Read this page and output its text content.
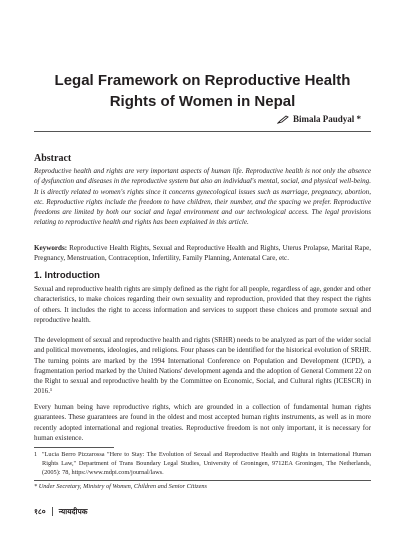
Legal Framework on Reproductive Health Rights of Women in Nepal
Bimala Paudyal *
Abstract
Reproductive health and rights are very important aspects of human life. Reproductive health is not only the absence of dysfunction and diseases in the reproductive system but also an individual's mental, social, and physical well-being. It is directly related to women's rights since it concerns gynecological issues such as marriage, pregnancy, abortion, etc. Reproductive rights include the freedom to have children, their number, and the spacing we prefer. Reproductive freedoms are limited by both our social and legal environment and our technological access. The legal provisions relating to reproductive health and rights has been explained in this article.
Keywords: Reproductive Health Rights, Sexual and Reproductive Health and Rights, Uterus Prolapse, Marital Rape, Pregnancy, Menstruation, Contraception, Infertility, Family Planning, Antenatal Care, etc.
1. Introduction
Sexual and reproductive health rights are simply defined as the right for all people, regardless of age, gender and other characteristics, to make choices regarding their own sexuality and reproduction, provided that they respect the rights of others. It includes the right to access information and services to support these choices and promote sexual and reproductive health.
The development of sexual and reproductive health and rights (SRHR) needs to be analyzed as part of the wider social and political movements, ideologies, and religions. Four phases can be identified for the historical evolution of SRHR. The turning points are marked by the 1994 International Conference on Population and Development (ICPD), a fragmentation period marked by the United Nations' development agenda and the adoption of General Comment 22 on the Right to sexual and reproductive health by the Committee on Economic, Social, and Cultural rights (ICESCR) in 2016.¹
Every human being have reproductive rights, which are grounded in a collection of fundamental human rights guarantees. These guarantees are found in the oldest and most accepted human rights instruments, as well as in more recently adopted international and regional treaties. Reproductive freedom is not only important, it is necessary for human existence.
1 "Lucia Berro Pizzarossa "Here to Stay: The Evolution of Sexual and Reproductive Health and Rights in International Human Rights Law," Department of Trans Boundary Legal Studies, University of Groningen, 9712EA Groningen, The Netherlands, (2005): 78, https://www.mdpi.com/journal/laws.
* Under Secretary, Ministry of Women, Children and Senior Citizens
१८० न्यायदीपक
